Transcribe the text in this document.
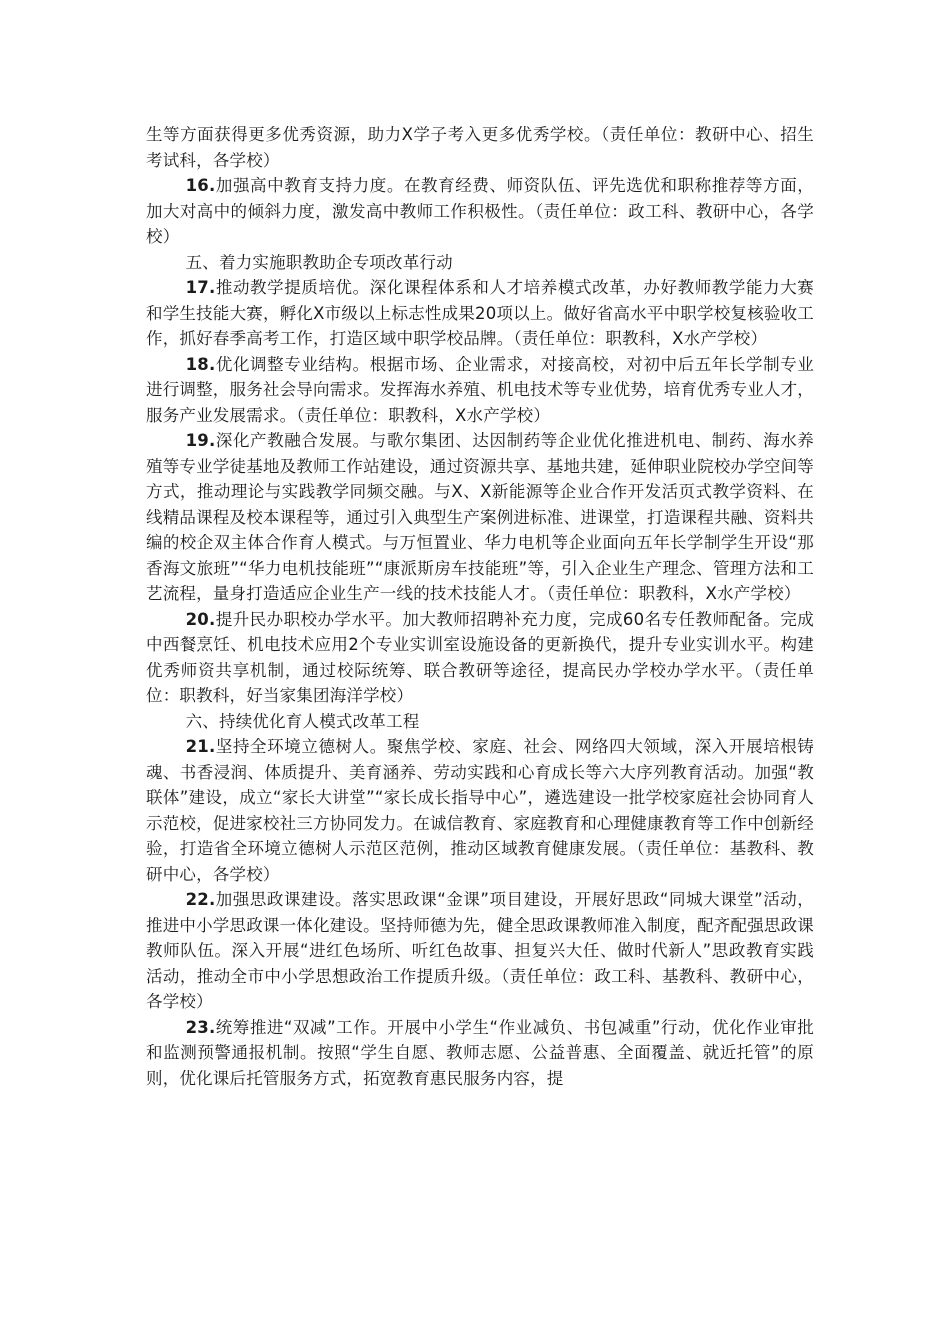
生等方面获得更多优秀资源，助力X学子考入更多优秀学校。（责任单位：教研中心、招生考试科，各学校）

16.加强高中教育支持力度。在教育经费、师资队伍、评先选优和职称推荐等方面，加大对高中的倾斜力度，激发高中教师工作积极性。（责任单位：政工科、教研中心，各学校）

五、着力实施职教助企专项改革行动

17.推动教学提质培优。深化课程体系和人才培养模式改革，办好教师教学能力大赛和学生技能大赛，孵化X市级以上标志性成果20项以上。做好省高水平中职学校复核验收工作，抓好春季高考工作，打造区域中职学校品牌。（责任单位：职教科，X水产学校）

18.优化调整专业结构。根据市场、企业需求，对接高校，对初中后五年长学制专业进行调整，服务社会导向需求。发挥海水养殖、机电技术等专业优势，培育优秀专业人才，服务产业发展需求。（责任单位：职教科，X水产学校）

19.深化产教融合发展。与歌尔集团、达因制药等企业优化推进机电、制药、海水养殖等专业学徒基地及教师工作站建设，通过资源共享、基地共建，延伸职业院校办学空间等方式，推动理论与实践教学同频交融。与X、X新能源等企业合作开发活页式教学资料、在线精品课程及校本课程等，通过引入典型生产案例进标准、进课堂，打造课程共融、资料共编的校企双主体合作育人模式。与万恒置业、华力电机等企业面向五年长学制学生开设“那香海文旅班”“华力电机技能班”“康派斯房车技能班”等，引入企业生产理念、管理方法和工艺流程，量身打造适应企业生产一线的技术技能人才。（责任单位：职教科，X水产学校）

20.提升民办职校办学水平。加大教师招聘补充力度，完成60名专任教师配备。完成中西餐烹饪、机电技术应用2个专业实训室设施设备的更新换代，提升专业实训水平。构建优秀师资共享机制，通过校际统筹、联合教研等途径，提高民办学校办学水平。（责任单位：职教科，好当家集团海洋学校）

六、持续优化育人模式改革工程

21.坚持全环境立德树人。聚焦学校、家庭、社会、网络四大领域，深入开展培根铸魂、书香浸润、体质提升、美育涵养、劳动实践和心育成长等六大序列教育活动。加强“教联体”建设，成立“家长大讲堂”“家长成长指导中心”，遴选建设一批学校家庭社会协同育人示范校，促进家校社三方协同发力。在诚信教育、家庭教育和心理健康教育等工作中创新经验，打造省全环境立德树人示范区范例，推动区域教育健康发展。（责任单位：基教科、教研中心，各学校）

22.加强思政课建设。落实思政课“金课”项目建设，开展好思政“同城大课堂”活动，推进中小学思政课一体化建设。坚持师德为先，健全思政课教师准入制度，配齐配强思政课教师队伍。深入开展“进红色场所、听红色故事、担复兴大任、做时代新人”思政教育实践活动，推动全市中小学思想政治工作提质升级。（责任单位：政工科、基教科、教研中心，各学校）

23.统筹推进“双减”工作。开展中小学生“作业减负、书包减重”行动，优化作业审批和监测预警通报机制。按照“学生自愿、教师志愿、公益普惠、全面覆盖、就近托管”的原则，优化课后托管服务方式，拓宽教育惠民服务内容，提
